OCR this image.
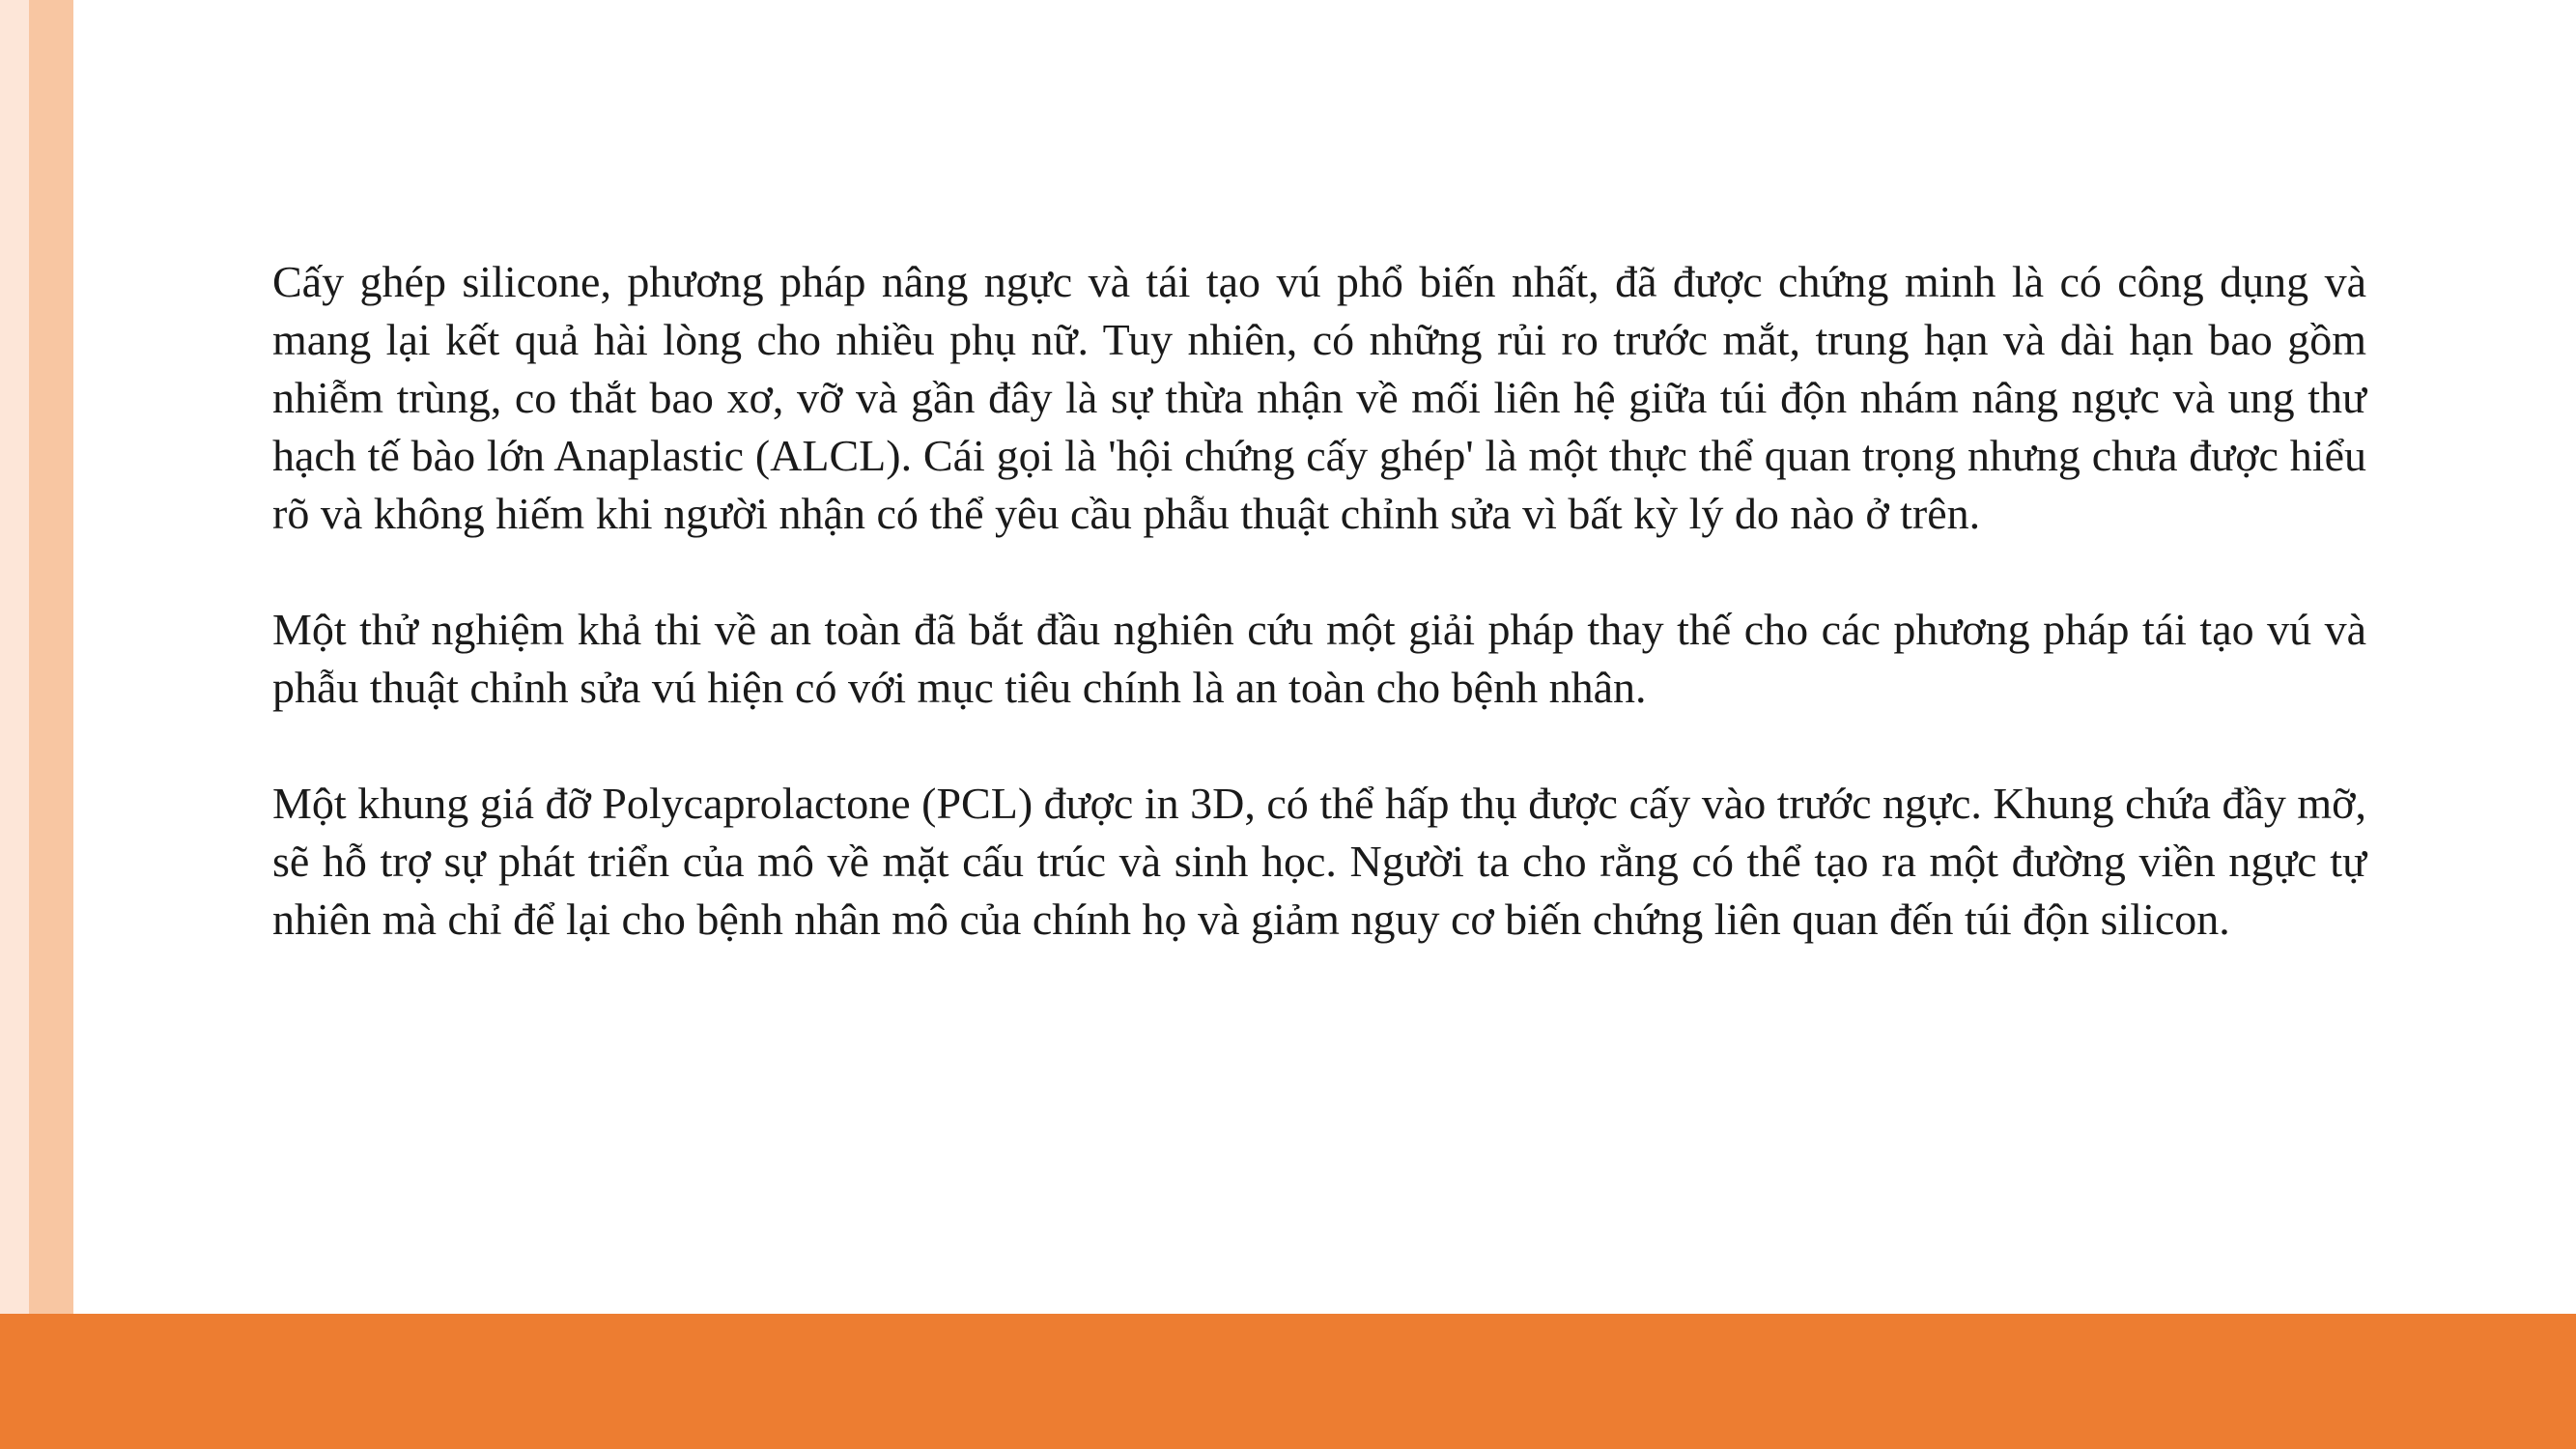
Cấy ghép silicone, phương pháp nâng ngực và tái tạo vú phổ biến nhất, đã được chứng minh là có công dụng và mang lại kết quả hài lòng cho nhiều phụ nữ. Tuy nhiên, có những rủi ro trước mắt, trung hạn và dài hạn bao gồm nhiễm trùng, co thắt bao xơ, vỡ và gần đây là sự thừa nhận về mối liên hệ giữa túi độn nhám nâng ngực và ung thư hạch tế bào lớn Anaplastic (ALCL). Cái gọi là 'hội chứng cấy ghép' là một thực thể quan trọng nhưng chưa được hiểu rõ và không hiếm khi người nhận có thể yêu cầu phẫu thuật chỉnh sửa vì bất kỳ lý do nào ở trên.

Một thử nghiệm khả thi về an toàn đã bắt đầu nghiên cứu một giải pháp thay thế cho các phương pháp tái tạo vú và phẫu thuật chỉnh sửa vú hiện có với mục tiêu chính là an toàn cho bệnh nhân.

Một khung giá đỡ Polycaprolactone (PCL) được in 3D, có thể hấp thụ được cấy vào trước ngực. Khung chứa đầy mỡ, sẽ hỗ trợ sự phát triển của mô về mặt cấu trúc và sinh học. Người ta cho rằng có thể tạo ra một đường viền ngực tự nhiên mà chỉ để lại cho bệnh nhân mô của chính họ và giảm nguy cơ biến chứng liên quan đến túi độn silicon.
